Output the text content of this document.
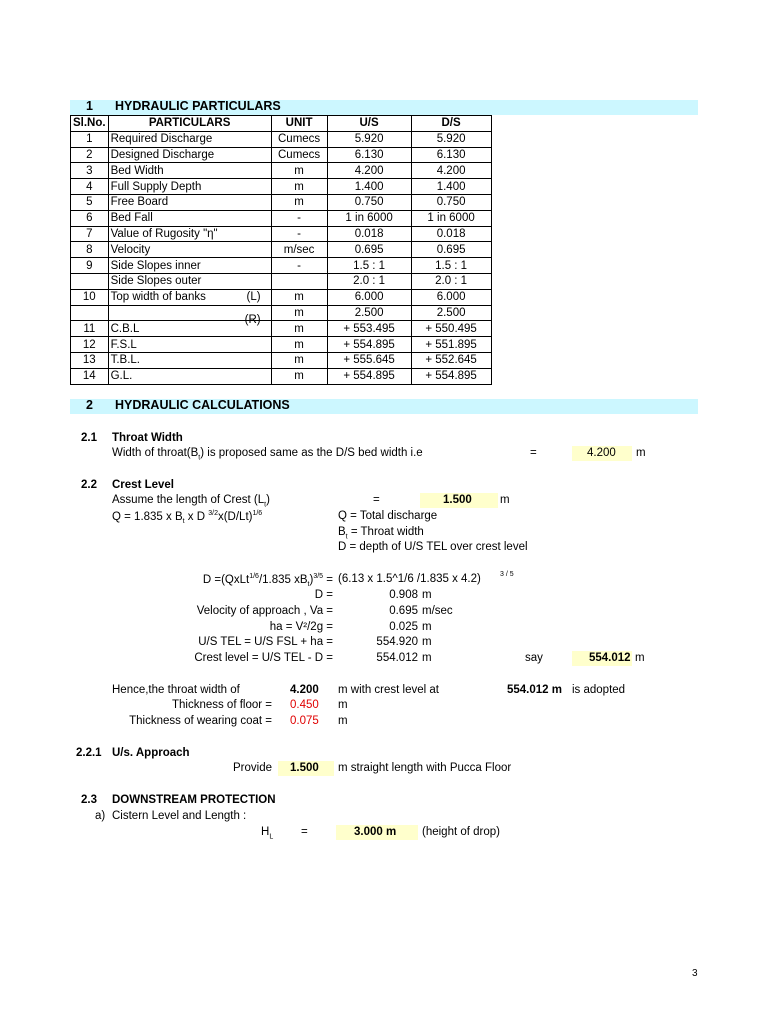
1 HYDRAULIC PARTICULARS
Sl.No.	PARTICULARS	UNIT	U/S	D/S
1	Required Discharge	Cumecs	5.920	5.920
2	Designed Discharge	Cumecs	6.130	6.130
3	Bed Width	m	4.200	4.200
4	Full Supply Depth	m	1.400	1.400
5	Free Board	m	0.750	0.750
6	Bed Fall	-	1 in 6000	1 in 6000
7	Value of Rugosity "η"	-	0.018	0.018
8	Velocity	m/sec	0.695	0.695
9	Side Slopes inner	-	1.5 : 1	1.5 : 1
	Side Slopes outer		2.0 : 1	2.0 : 1
10	Top width of banks (L)	m	6.000	6.000

	(R)	m	2.500	2.500
11	C.B.L	m	+ 553.495	+ 550.495
12	F.S.L	m	+ 554.895	+ 551.895
13	T.B.L.	m	+ 555.645	+ 552.645
14	G.L.	m	+ 554.895	+ 554.895
2 HYDRAULIC CALCULATIONS
2.1 Throat Width
Width of $throat(B_t)$ is proposed same as the D/S bed width i.e	=	4.200 m
2.2 Crest Level
Assume the length of Crest $(L_t)$	=	1.500 m
Q = 1.835 x $B_t$ x D $^{3/2}x(D/Lt)^{1/6}$	Q = Total discharge
$B_t$ = Throat width
D = depth of U/S TEL over crest level
D =(QxLt$^{1/6}$/1.835 $xB_t)^{3/5} = (6.13$ x 1.5^1/6 /1.835 x 4.2)	3 / 5
D =	0.908 m
Velocity of approach , Va =	0.695 m/sec
ha = V²/2g =	0.025 m
U/S TEL = U/S FSL + ha =	554.920 m
Crest level = U/S TEL - D =	554.012 m	say	554.012 m
Hence,the throat width of	4.200 m with crest level at	554.012 m is adopted
Thickness of floor = 0.450 m
Thickness of wearing coat = 0.075 m
2.2.1 U/s. Approach
Provide 1.500 m straight length with Pucca Floor
2.3 DOWNSTREAM PROTECTION
a) Cistern Level and Length :
$H_L$ =	3.000 m (height of drop)
3
